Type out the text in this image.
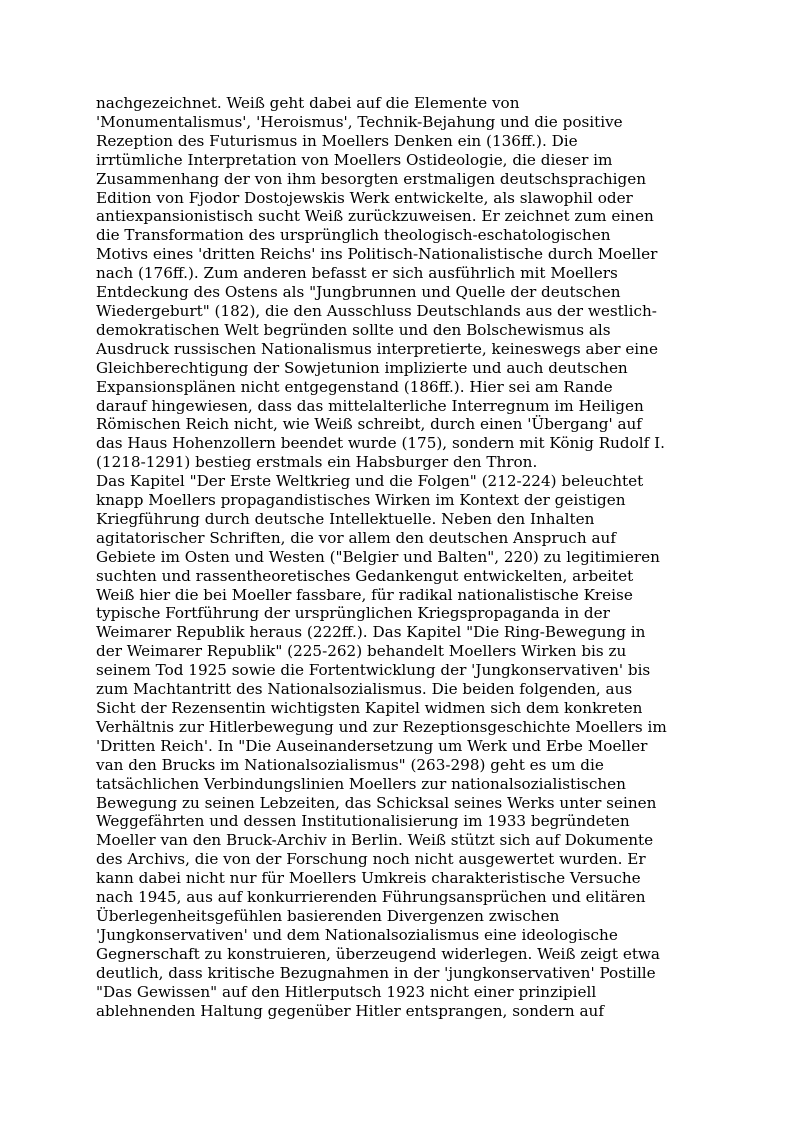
nachgezeichnet. Weiß geht dabei auf die Elemente von
'Monumentalismus', 'Heroismus', Technik-Bejahung und die positive
Rezeption des Futurismus in Moellers Denken ein (136ff.). Die
irrtümliche Interpretation von Moellers Ostideologie, die dieser im
Zusammenhang der von ihm besorgten erstmaligen deutschsprachigen
Edition von Fjodor Dostojewskis Werk entwickelte, als slawophil oder
antiexpansionistisch sucht Weiß zurückzuweisen. Er zeichnet zum einen
die Transformation des ursprünglich theologisch-eschatologischen
Motivs eines 'dritten Reichs' ins Politisch-Nationalistische durch Moeller
nach (176ff.). Zum anderen befasst er sich ausführlich mit Moellers
Entdeckung des Ostens als "Jungbrunnen und Quelle der deutschen
Wiedergeburt" (182), die den Ausschluss Deutschlands aus der westlich-
demokratischen Welt begründen sollte und den Bolschewismus als
Ausdruck russischen Nationalismus interpretierte, keineswegs aber eine
Gleichberechtigung der Sowjetunion implizierte und auch deutschen
Expansionsplänen nicht entgegenstand (186ff.). Hier sei am Rande
darauf hingewiesen, dass das mittelalterliche Interregnum im Heiligen
Römischen Reich nicht, wie Weiß schreibt, durch einen 'Übergang' auf
das Haus Hohenzollern beendet wurde (175), sondern mit König Rudolf I.
(1218-1291) bestieg erstmals ein Habsburger den Thron.
Das Kapitel "Der Erste Weltkrieg und die Folgen" (212-224) beleuchtet
knapp Moellers propagandistisches Wirken im Kontext der geistigen
Kriegführung durch deutsche Intellektuelle. Neben den Inhalten
agitatorischer Schriften, die vor allem den deutschen Anspruch auf
Gebiete im Osten und Westen ("Belgier und Balten", 220) zu legitimieren
suchten und rassentheoretisches Gedankengut entwickelten, arbeitet
Weiß hier die bei Moeller fassbare, für radikal nationalistische Kreise
typische Fortführung der ursprünglichen Kriegspropaganda in der
Weimarer Republik heraus (222ff.). Das Kapitel "Die Ring-Bewegung in
der Weimarer Republik" (225-262) behandelt Moellers Wirken bis zu
seinem Tod 1925 sowie die Fortentwicklung der 'Jungkonservativen' bis
zum Machtantritt des Nationalsozialismus. Die beiden folgenden, aus
Sicht der Rezensentin wichtigsten Kapitel widmen sich dem konkreten
Verhältnis zur Hitlerbewegung und zur Rezeptionsgeschichte Moellers im
'Dritten Reich'. In "Die Auseinandersetzung um Werk und Erbe Moeller
van den Brucks im Nationalsozialismus" (263-298) geht es um die
tatsächlichen Verbindungslinien Moellers zur nationalsozialistischen
Bewegung zu seinen Lebzeiten, das Schicksal seines Werks unter seinen
Weggefährten und dessen Institutionalisierung im 1933 begründeten
Moeller van den Bruck-Archiv in Berlin. Weiß stützt sich auf Dokumente
des Archivs, die von der Forschung noch nicht ausgewertet wurden. Er
kann dabei nicht nur für Moellers Umkreis charakteristische Versuche
nach 1945, aus auf konkurrierenden Führungsansprüchen und elitären
Überlegenheitsgefühlen basierenden Divergenzen zwischen
'Jungkonservativen' und dem Nationalsozialismus eine ideologische
Gegnerschaft zu konstruieren, überzeugend widerlegen. Weiß zeigt etwa
deutlich, dass kritische Bezugnahmen in der 'jungkonservativen' Postille
"Das Gewissen" auf den Hitlerputsch 1923 nicht einer prinzipiell
ablehnenden Haltung gegenüber Hitler entsprangen, sondern auf
